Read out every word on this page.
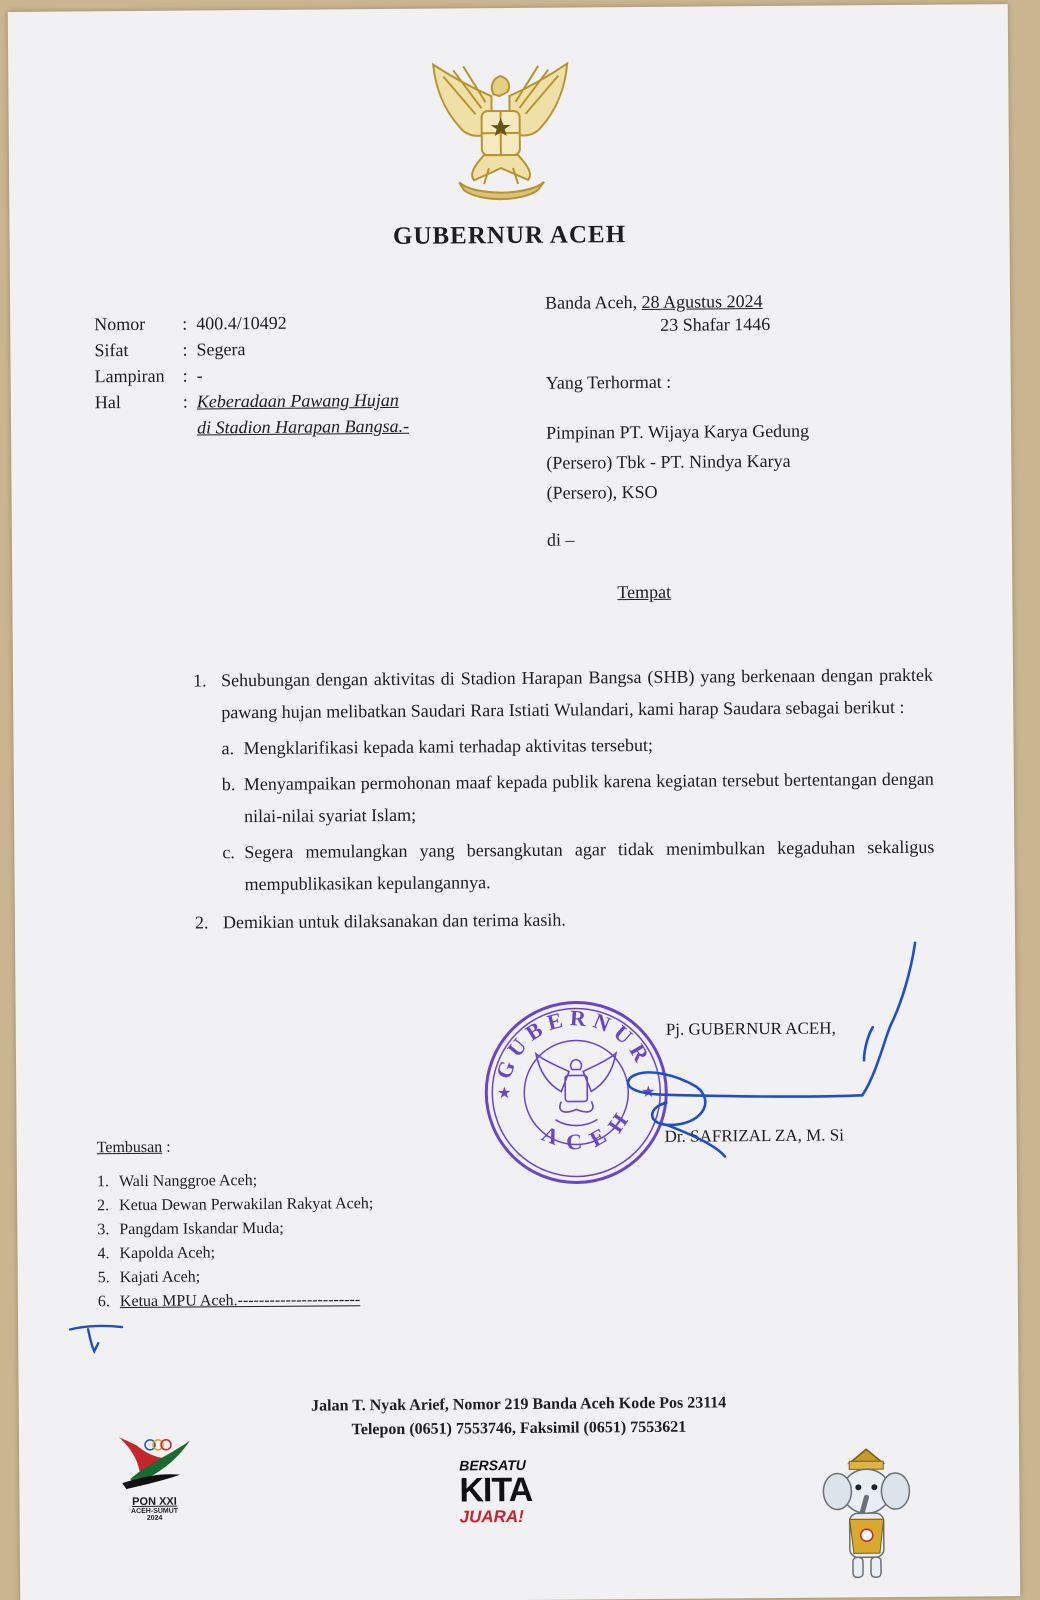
GUBERNUR ACEH
Nomor	: 400.4/10492
Sifat	: Segera
Lampiran : -
Hal	: Keberadaan Pawang Hujan
di Stadion Harapan Bangsa.-
Banda Aceh, 28 Agustus 2024
23 Shafar 1446
Yang Terhormat :
Pimpinan PT. Wijaya Karya Gedung
(Persero) Tbk - PT. Nindya Karya
(Persero), KSO
di –
Tempat
1. Sehubungan dengan aktivitas di Stadion Harapan Bangsa (SHB) yang berkenaan dengan praktek pawang hujan melibatkan Saudari Rara Istiati Wulandari, kami harap Saudara sebagai berikut :
a. Mengklarifikasi kepada kami terhadap aktivitas tersebut;
b. Menyampaikan permohonan maaf kepada publik karena kegiatan tersebut bertentangan dengan nilai-nilai syariat Islam;
c. Segera memulangkan yang bersangkutan agar tidak menimbulkan kegaduhan sekaligus mempublikasikan kepulangannya.
2. Demikian untuk dilaksanakan dan terima kasih.
GUBERNUR
ACEH
★	★
Pj. GUBERNUR ACEH,
Dr. SAFRIZAL ZA, M. Si
Tembusan :
1. Wali Nanggroe Aceh;
2. Ketua Dewan Perwakilan Rakyat Aceh;
3. Pangdam Iskandar Muda;
4. Kapolda Aceh;
5. Kajati Aceh;
6. Ketua MPU Aceh.-----------------------
Jalan T. Nyak Arief, Nomor 219 Banda Aceh Kode Pos 23114
Telepon (0651) 7553746, Faksimil (0651) 7553621
PON XXI
ACEH-SUMUT
2024
BERSATU
KITA
JUARA!
